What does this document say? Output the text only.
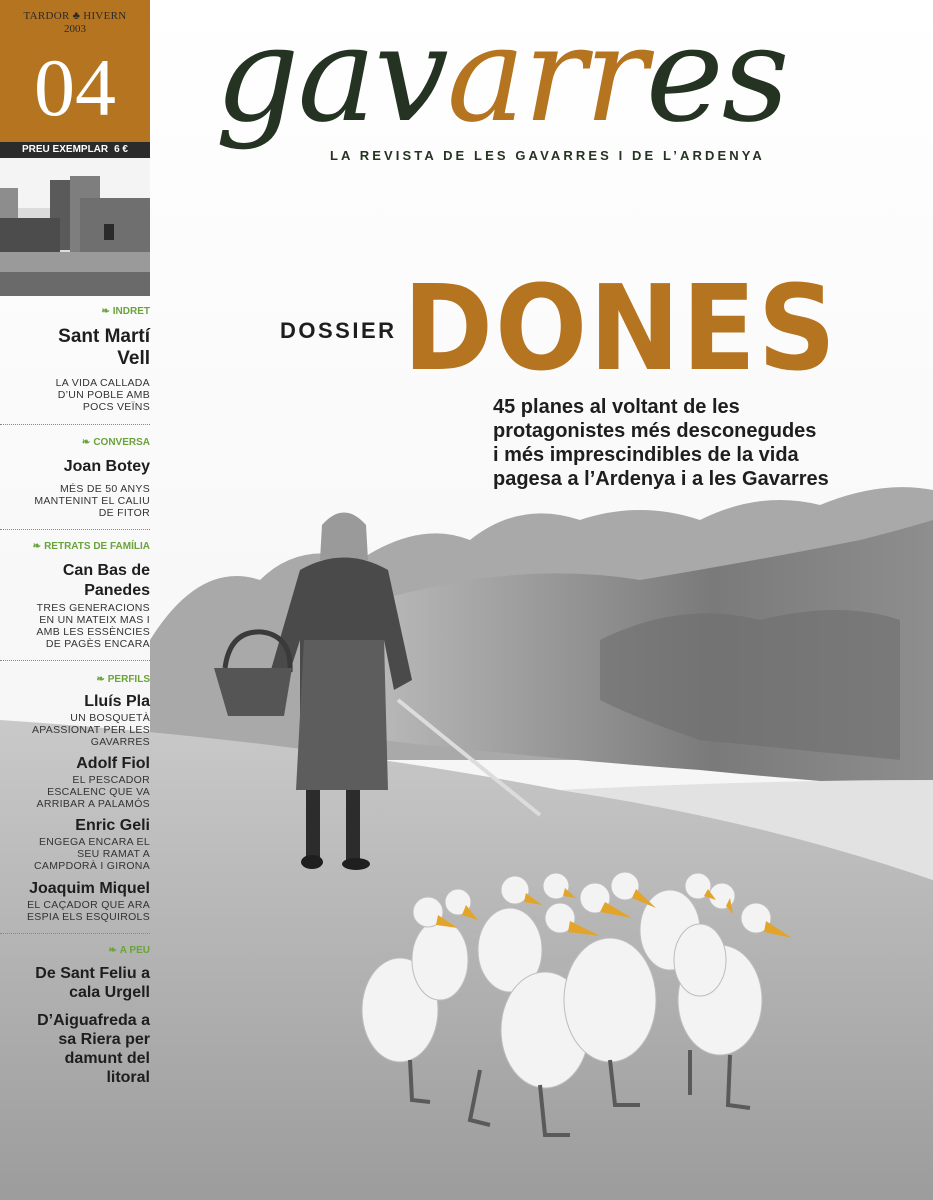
TARDOR ♣ HIVERN
2003
04
PREU EXEMPLAR 6 €
❧ INDRET
Sant Martí
Vell
LA VIDA CALLADA
D’UN POBLE AMB
POCS VEÏNS
❧ CONVERSA
Joan Botey
MÉS DE 50 ANYS
MANTENINT EL CALIU
DE FITOR
❧ RETRATS DE FAMÍLIA
Can Bas de
Panedes
TRES GENERACIONS
EN UN MATEIX MAS I
AMB LES ESSÈNCIES
DE PAGÈS ENCARA
❧ PERFILS
Lluís Pla
UN BOSQUETÀ
APASSIONAT PER LES
GAVARRES
Adolf Fiol
EL PESCADOR
ESCALENC QUE VA
ARRIBAR A PALAMÓS
Enric Geli
ENGEGA ENCARA EL
SEU RAMAT A
CAMPDORÀ I GIRONA
Joaquim Miquel
EL CAÇADOR QUE ARA
ESPIA ELS ESQUIROLS
❧ A PEU
De Sant Feliu a
cala Urgell
D’Aiguafreda a
sa Riera per
damunt del
litoral
gavarres
LA REVISTA DE LES GAVARRES I DE L’ARDENYA
DOSSIER DONES
45 planes al voltant de les
protagonistes més desconegudes
i més imprescindibles de la vida
pagesa a l’Ardenya i a les Gavarres
